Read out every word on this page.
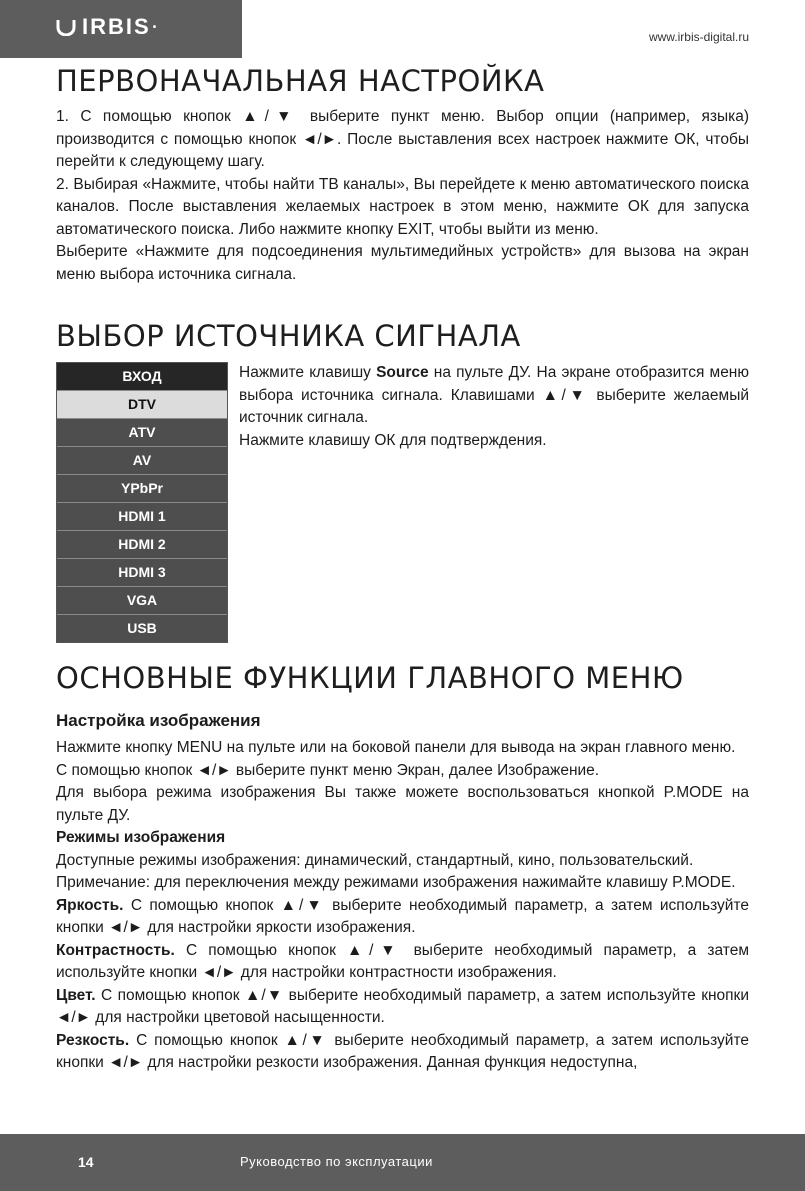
IRBIS •
www.irbis-digital.ru
ПЕРВОНАЧАЛЬНАЯ НАСТРОЙКА

1. С помощью кнопок ▲/▼ выберите пункт меню. Выбор опции (например, языка) производится с помощью кнопок ◄/►. После выставления всех настроек нажмите ОК, чтобы перейти к следующему шагу.

2. Выбирая «Нажмите, чтобы найти ТВ каналы», Вы перейдете к меню автоматического поиска каналов. После выставления желаемых настроек в этом меню, нажмите ОК для запуска автоматического поиска. Либо нажмите кнопку EXIT, чтобы выйти из меню.

Выберите «Нажмите для подсоединения мультимедийных устройств» для вызова на экран меню выбора источника сигнала.

ВЫБОР ИСТОЧНИКА СИГНАЛА
ВХОД
DTV
ATV
AV
YPbPr
HDMI 1
HDMI 2
HDMI 3
VGA
USB

Нажмите клавишу Source на пульте ДУ. На экране отобразится меню выбора источника сигнала. Клавишами ▲/▼ выберите желаемый источник сигнала.

Нажмите клавишу ОК для подтверждения.

ОСНОВНЫЕ ФУНКЦИИ ГЛАВНОГО МЕНЮ
Настройка изображения

Нажмите кнопку MENU на пульте или на боковой панели для вывода на экран главного меню.

С помощью кнопок ◄/► выберите пункт меню Экран, далее Изображение.

Для выбора режима изображения Вы также можете воспользоваться кнопкой P.MODE на пульте ДУ.

Режимы изображения

Доступные режимы изображения: динамический, стандартный, кино, пользовательский.

Примечание: для переключения между режимами изображения нажимайте клавишу P.MODE.

Яркость. С помощью кнопок ▲/▼ выберите необходимый параметр, а затем используйте кнопки ◄/► для настройки яркости изображения.

Контрастность. С помощью кнопок ▲/▼ выберите необходимый параметр, а затем используйте кнопки ◄/► для настройки контрастности изображения.

Цвет. С помощью кнопок ▲/▼ выберите необходимый параметр, а затем используйте кнопки ◄/► для настройки цветовой насыщенности.

Резкость. С помощью кнопок ▲/▼ выберите необходимый параметр, а затем используйте кнопки ◄/► для настройки резкости изображения. Данная функция недоступна,

14	Руководство по эксплуатации
